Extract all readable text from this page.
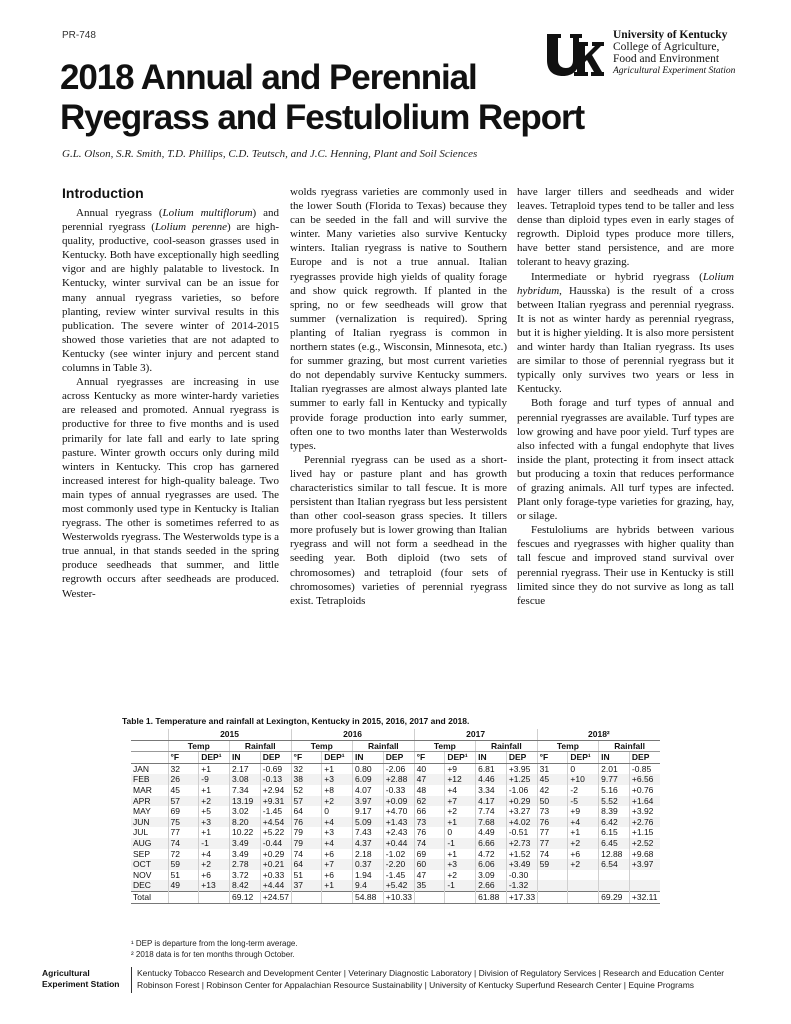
PR-748	University of Kentucky
College of Agriculture,
Food and Environment
Agricultural Experiment Station
2018 Annual and Perennial
Ryegrass and Festulolium Report
G.L. Olson, S.R. Smith, T.D. Phillips, C.D. Teutsch, and J.C. Henning, Plant and Soil Sciences
Introduction

Annual ryegrass (Lolium multiflorum) and perennial ryegrass (Lolium perenne) are high-quality, productive, cool-season grasses used in Kentucky. Both have exceptionally high seedling vigor and are highly palatable to livestock. In Kentucky, winter survival can be an issue for many annual ryegrass varieties, so before planting, review winter survival results in this publication. The severe winter of 2014-2015 showed those varieties that are not adapted to Kentucky (see winter injury and percent stand columns in Table 3).

Annual ryegrasses are increasing in use across Kentucky as more winter-hardy varieties are released and promoted. Annual ryegrass is productive for three to five months and is used primarily for late fall and early to late spring pasture. Winter growth occurs only during mild winters in Kentucky. This crop has garnered increased interest for high-quality baleage. Two main types of annual ryegrasses are used. The most commonly used type in Kentucky is Italian ryegrass. The other is sometimes referred to as Westerwolds ryegrass. The Westerwolds type is a true annual, in that stands seeded in the spring produce seedheads that summer, and little regrowth occurs after seedheads are produced. Wester-

wolds ryegrass varieties are commonly used in the lower South (Florida to Texas) because they can be seeded in the fall and will survive the winter. Many varieties also survive Kentucky winters. Italian ryegrass is native to Southern Europe and is not a true annual. Italian ryegrasses provide high yields of quality forage and show quick regrowth. If planted in the spring, no or few seedheads will grow that summer (vernalization is required). Spring planting of Italian ryegrass is common in northern states (e.g., Wisconsin, Minnesota, etc.) for summer grazing, but most current varieties do not dependably survive Kentucky summers. Italian ryegrasses are almost always planted late summer to early fall in Kentucky and typically provide forage production into early summer, often one to two months later than Westerwolds types.

Perennial ryegrass can be used as a short-lived hay or pasture plant and has growth characteristics similar to tall fescue. It is more persistent than Italian ryegrass but less persistent than other cool-season grass species. It tillers more profusely but is lower growing than Italian ryegrass and will not form a seedhead in the seeding year. Both diploid (two sets of chromosomes) and tetraploid (four sets of chromosomes) varieties of perennial ryegrass exist. Tetraploids

have larger tillers and seedheads and wider leaves. Tetraploid types tend to be taller and less dense than diploid types even in early stages of regrowth. Diploid types produce more tillers, have better stand persistence, and are more tolerant to heavy grazing.

Intermediate or hybrid ryegrass (Lolium hybridum, Hausska) is the result of a cross between Italian ryegrass and perennial ryegrass. It is not as winter hardy as perennial ryegrass, but it is higher yielding. It is also more persistent and winter hardy than Italian ryegrass. Its uses are similar to those of perennial ryegrass but it typically only survives two years or less in Kentucky.

Both forage and turf types of annual and perennial ryegrasses are available. Turf types are low growing and have poor yield. Turf types are also infected with a fungal endophyte that lives inside the plant, protecting it from insect attack but producing a toxin that reduces performance of grazing animals. All turf types are infected. Plant only forage-type varieties for grazing, hay, or silage.

Festuloliums are hybrids between various fescues and ryegrasses with higher quality than tall fescue and improved stand survival over perennial ryegrass. Their use in Kentucky is still limited since they do not survive as long as tall fescue

Table 1. Temperature and rainfall at Lexington, Kentucky in 2015, 2016, 2017 and 2018.
	2015				2016				2017				2018²			
	Temp		Rainfall		Temp		Rainfall		Temp		Rainfall		Temp		Rainfall	
	°F	DEP¹	IN	DEP	°F	DEP¹	IN	DEP	°F	DEP¹	IN	DEP	°F	DEP¹	IN	DEP
JAN	32	+1	2.17	-0.69	32	+1	0.80	-2.06	40	+9	6.81	+3.95	31	0	2.01	-0.85
FEB	26	-9	3.08	-0.13	38	+3	6.09	+2.88	47	+12	4.46	+1.25	45	+10	9.77	+6.56
MAR	45	+1	7.34	+2.94	52	+8	4.07	-0.33	48	+4	3.34	-1.06	42	-2	5.16	+0.76
APR	57	+2	13.19	+9.31	57	+2	3.97	+0.09	62	+7	4.17	+0.29	50	-5	5.52	+1.64
MAY	69	+5	3.02	-1.45	64	0	9.17	+4.70	66	+2	7.74	+3.27	73	+9	8.39	+3.92
JUN	75	+3	8.20	+4.54	76	+4	5.09	+1.43	73	+1	7.68	+4.02	76	+4	6.42	+2.76
JUL	77	+1	10.22	+5.22	79	+3	7.43	+2.43	76	0	4.49	-0.51	77	+1	6.15	+1.15
AUG	74	-1	3.49	-0.44	79	+4	4.37	+0.44	74	-1	6.66	+2.73	77	+2	6.45	+2.52
SEP	72	+4	3.49	+0.29	74	+6	2.18	-1.02	69	+1	4.72	+1.52	74	+6	12.88	+9.68
OCT	59	+2	2.78	+0.21	64	+7	0.37	-2.20	60	+3	6.06	+3.49	59	+2	6.54	+3.97
NOV	51	+6	3.72	+0.33	51	+6	1.94	-1.45	47	+2	3.09	-0.30				
DEC	49	+13	8.42	+4.44	37	+1	9.4	+5.42	35	-1	2.66	-1.32				
Total			69.12	+24.57			54.88	+10.33			61.88	+17.33			69.29	+32.11
¹ DEP is departure from the long-term average.
² 2018 data is for ten months through October.
Agricultural
Experiment Station
Kentucky Tobacco Research and Development Center | Veterinary Diagnostic Laboratory | Division of Regulatory Services | Research and Education Center
Robinson Forest | Robinson Center for Appalachian Resource Sustainability | University of Kentucky Superfund Research Center | Equine Programs
